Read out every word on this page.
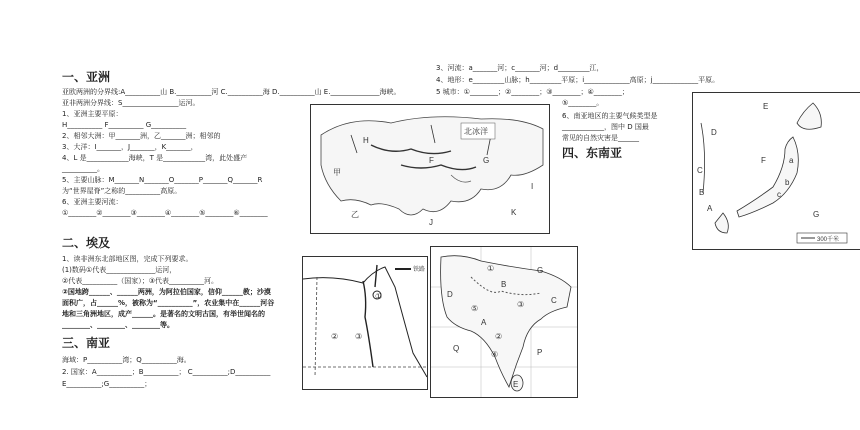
一、亚洲
亚欧两洲的分界线:A__________山 B.__________河 C.__________海 D.__________山 E.______________海峡。
亚非两洲分界线：S________________运河。
1、亚洲主要平原：
H__________ F__________ G__________
2、相邻大洲：甲_______洲，乙_______洲；相邻的
3、大洋：I_______，J_______，K_______，
4、L 是____________海峡，T 是____________湾，此处盛产
__________。
5、主要山脉：M_______N_______O_______P_______Q_______R
为“世界屋脊”之称的__________高原。
6、亚洲主要河流：
①________②________③________④________⑤________⑥________
二、埃及
1、读非洲东北部地区图，完成下列要求。
(1)数码①代表______________运河，
②代表__________（国家）；③代表__________河。
②国地跨______、______两洲，为阿拉伯国家，信仰______教；沙漠
面积广，占______%，被称为“__________”，农业集中在______河谷
地和三角洲地区，成产______。是著名的文明古国，有举世闻名的
________、________、________等。
三、南亚
海域：P__________湾；Q__________海。
2. 国家：A__________；B__________； C__________;D__________
E__________;G__________；
3、河流：a_______河；c_______河；d_________江，
4、地形：e_________山脉；h_________平原；i_____________高原；j_____________平原。
5 城市：①________；②________；③________；④________；
⑤________。
6、南亚地区的主要气候类型是
____________，图中 D 国最
常见的自然灾害是______
四、东南亚
北冰洋
H
F	G
甲
乙
I
J
K
铁路
①
② ③
G
A
B
C
D
E
P
Q
①
②
③
④
⑤
300千米
E
D
C
B
A
F
G
a
b
c
